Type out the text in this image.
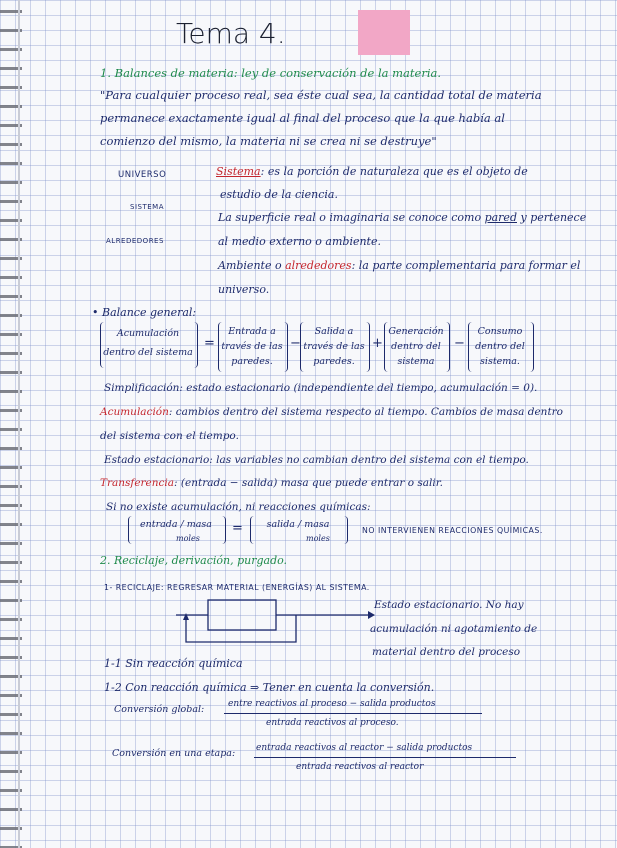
Tema 4.
1. Balances de materia: ley de conservación de la materia.
"Para cualquier proceso real, sea éste cual sea, la cantidad total de materia
permanece exactamente igual al final del proceso que la que había al
comienzo del mismo, la materia ni se crea ni se destruye"
UNIVERSO
SISTEMA
ALREDEDORES
Sistema: es la porción de naturaleza que es el objeto de
estudio de la ciencia.
La superficie real o imaginaria se conoce como pared y pertenece
al medio externo o ambiente.
Ambiente o alrededores: la parte complementaria para formar el
universo.
• Balance general:
Acumulación
dentro del sistema
=
Entrada a
través de las
paredes.
−
Salida a
través de las
paredes.
+
Generación
dentro del
sistema
−
Consumo
dentro del
sistema.
Simplificación: estado estacionario (independiente del tiempo, acumulación = 0).
Acumulación: cambios dentro del sistema respecto al tiempo. Cambios de masa dentro
del sistema con el tiempo.
Estado estacionario: las variables no cambian dentro del sistema con el tiempo.
Transferencia: (entrada − salida) masa que puede entrar o salir.
Si no existe acumulación, ni reacciones químicas:
entrada / masa
moles
=	salida / masa
moles
NO INTERVIENEN REACCIONES QUÍMICAS.
2. Reciclaje, derivación, purgado.
1- RECICLAJE: REGRESAR MATERIAL (ENERGÍAS) AL SISTEMA.
Estado estacionario. No hay
acumulación ni agotamiento de
material dentro del proceso
1-1 Sin reacción química
1-2 Con reacción química ⇒ Tener en cuenta la conversión.
Conversión global:	entre reactivos al proceso − salida productos
entrada reactivos al proceso.
Conversión en una etapa: entrada reactivos al reactor − salida productos
entrada reactivos al reactor
